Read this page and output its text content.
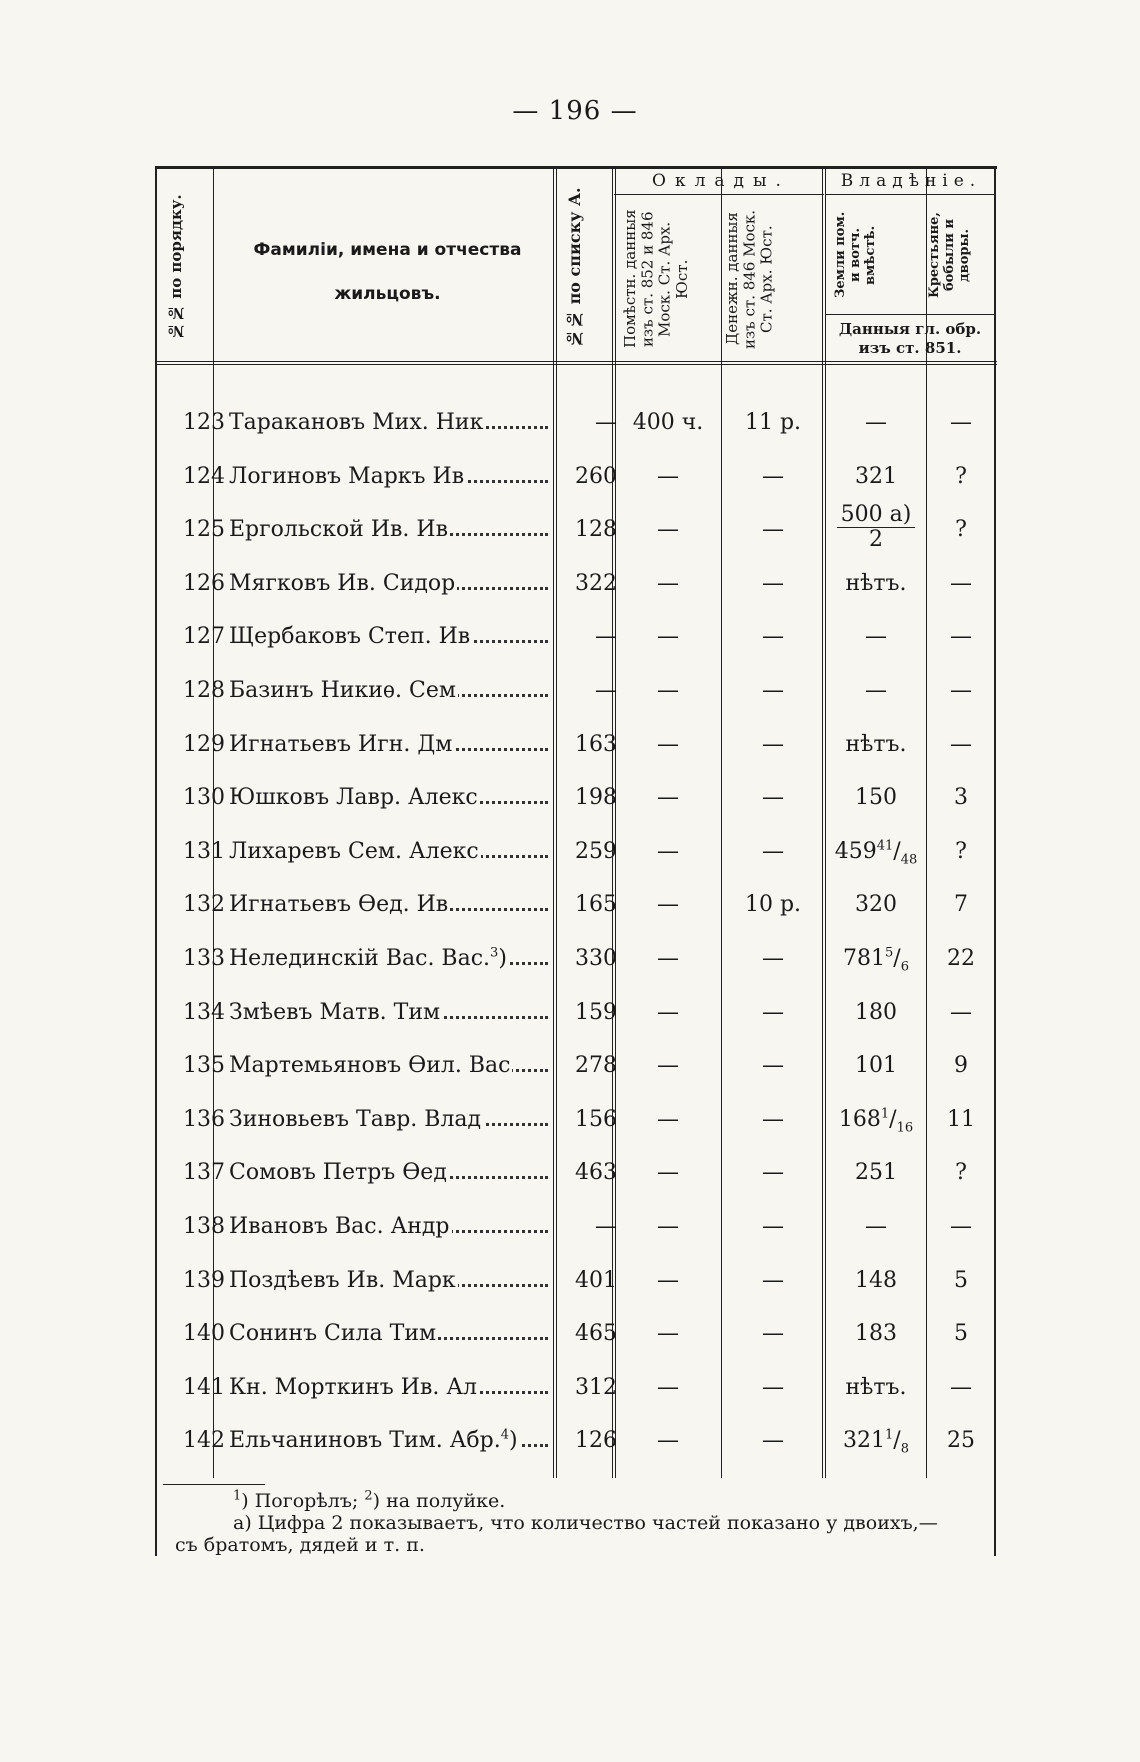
— 196 —
№№ по порядку.	Фамиліи, имена и отчества
жильцовъ.	№№ по списку А.
Оклады.	Владѣніе.
Помѣстн. данныя
изъ ст. 852 и 846
Моск. Ст. Арх.
Юст.	Денежн. данныя
изъ ст. 846 Моск.
Ст. Арх. Юст.
Земли пом.
и вотч.
вмѣстѣ.	Крестьяне,
бобыли и
дворы.
Данныя гл. обр.
изъ ст. 851.
123 Таракановъ Мих. Ник	— 400 ч.	11 р.	—	—
124 Логиновъ Маркъ Ив	260	—	—	321	?
125 Ергольской Ив. Ив	128	—	—	$\frac{500 а)}{2}$	?
126 Мягковъ Ив. Сидор	322	—	—	нѣтъ.	—
127 Щербаковъ Степ. Ив	—	—	—	—	—
128 Базинъ Никиѳ. Сем	—	—	—	—	—
129 Игнатьевъ Игн. Дм	163	—	—	нѣтъ.	—
130 Юшковъ Лавр. Алекс	198	—	—	150	3
131 Лихаревъ Сем. Алекс	259	—	—	$459^{41}/_{48}$	?
132 Игнатьевъ Ѳед. Ив	165	—	10 р.	320	7
133 Нелединскій Вас. Вас.$^3$)	330	—	—	$781^5/_6$	22
134 Змѣевъ Матв. Тим	159	—	—	180	—
135 Мартемьяновъ Ѳил. Вас	278	—	—	101	9
136 Зиновьевъ Тавр. Влад	156	—	—	$168^1/_{16}$	11
137 Сомовъ Петръ Ѳед	463	—	—	251	?
138 Ивановъ Вас. Андр	—	—	—	—	—
139 Поздѣевъ Ив. Марк	401	—	—	148	5
140 Сонинъ Сила Тим	465	—	—	183	5
141 Кн. Морткинъ Ив. Ал	312	—	—	нѣтъ.	—
142 Ельчаниновъ Тим. Абр.$^4$)	126	—	—	$321^1/_8$	25
$^1$) Погорѣлъ; $^2$) на полуйке.
а) Цифра 2 показываетъ, что количество частей показано у двоихъ,—
съ братомъ, дядей и т. п.
